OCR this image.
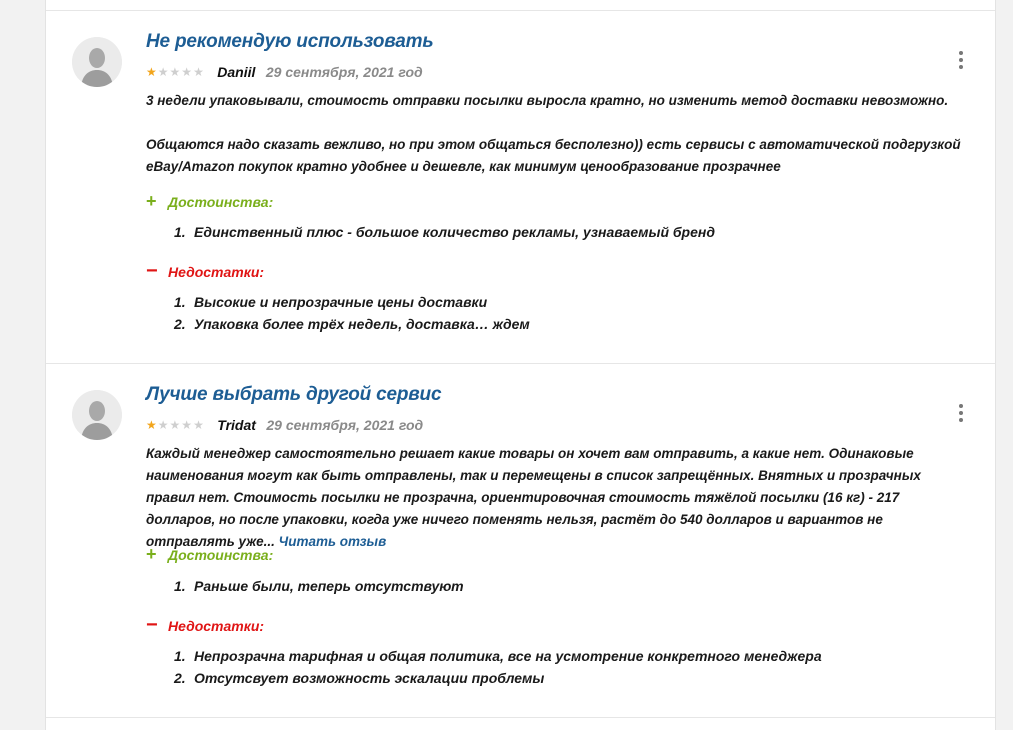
Не рекомендую использовать
★★★★★ Daniil 29 сентября, 2021 год

3 недели упаковывали, стоимость отправки посылки выросла кратно, но изменить метод доставки невозможно.

Общаются надо сказать вежливо, но при этом общаться бесполезно)) есть сервисы с автоматической подгрузкой eBay/Amazon покупок кратно удобнее и дешевле, как минимум ценообразование прозрачнее

+ Достоинства:
1. Единственный плюс - большое количество рекламы, узнаваемый бренд
− Недостатки:
1. Высокие и непрозрачные цены доставки
2. Упаковка более трёх недель, доставка… ждем
Лучше выбрать другой сервис
★★★★★ Tridat 29 сентября, 2021 год

Каждый менеджер самостоятельно решает какие товары он хочет вам отправить, а какие нет. Одинаковые наименования могут как быть отправлены, так и перемещены в список запрещённых. Внятных и прозрачных правил нет. Стоимость посылки не прозрачна, ориентировочная стоимость тяжёлой посылки (16 кг) - 217 долларов, но после упаковки, когда уже ничего поменять нельзя, растёт до 540 долларов и вариантов не отправлять уже... Читать отзыв

+ Достоинства:
1. Раньше были, теперь отсутствуют
− Недостатки:
1. Непрозрачна тарифная и общая политика, все на усмотрение конкретного менеджера
2. Отсутсвует возможность эскалации проблемы
